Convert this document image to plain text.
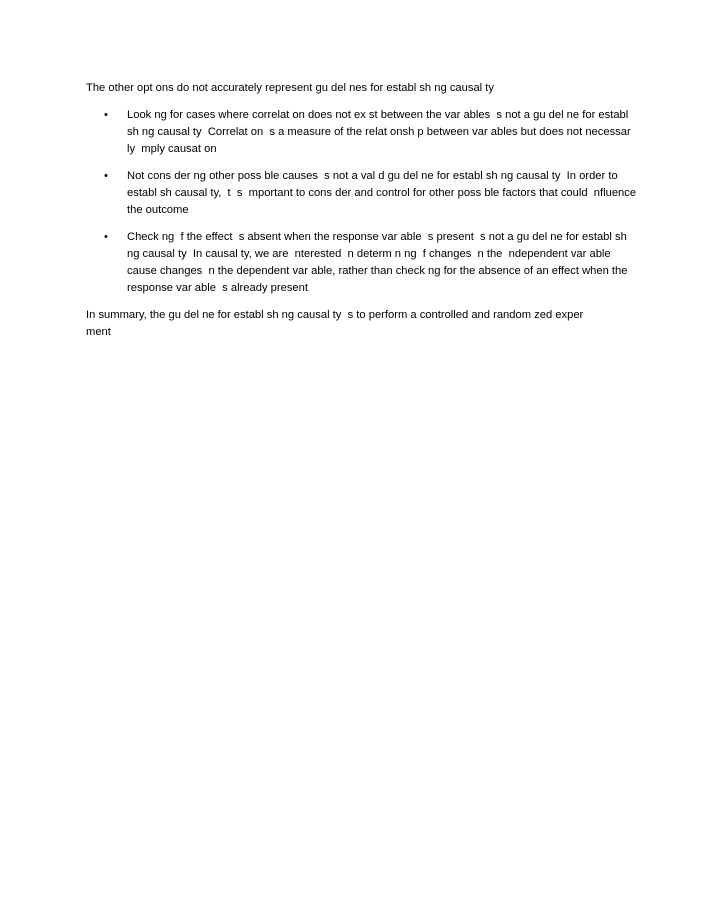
The other opt ons do not accurately represent gu del nes for establ sh ng causal ty

• Look ng for cases where correlat on does not ex st between the var ables  s not a gu del ne for establ sh ng causal ty  Correlat on  s a measure of the relat onsh p between var ables but does not necessar ly  mply causat on
• Not cons der ng other poss ble causes  s not a val d gu del ne for establ sh ng causal ty  In order to establ sh causal ty,  t  s  mportant to cons der and control for other poss ble factors that could  nfluence the outcome
• Check ng  f the effect  s absent when the response var able  s present  s not a gu del ne for establ sh ng causal ty  In causal ty, we are  nterested  n determ n ng  f changes  n the  ndependent var able cause changes  n the dependent var able, rather than check ng for the absence of an effect when the response var able  s already present

In summary, the gu del ne for establ sh ng causal ty  s to perform a controlled and random zed exper ment
